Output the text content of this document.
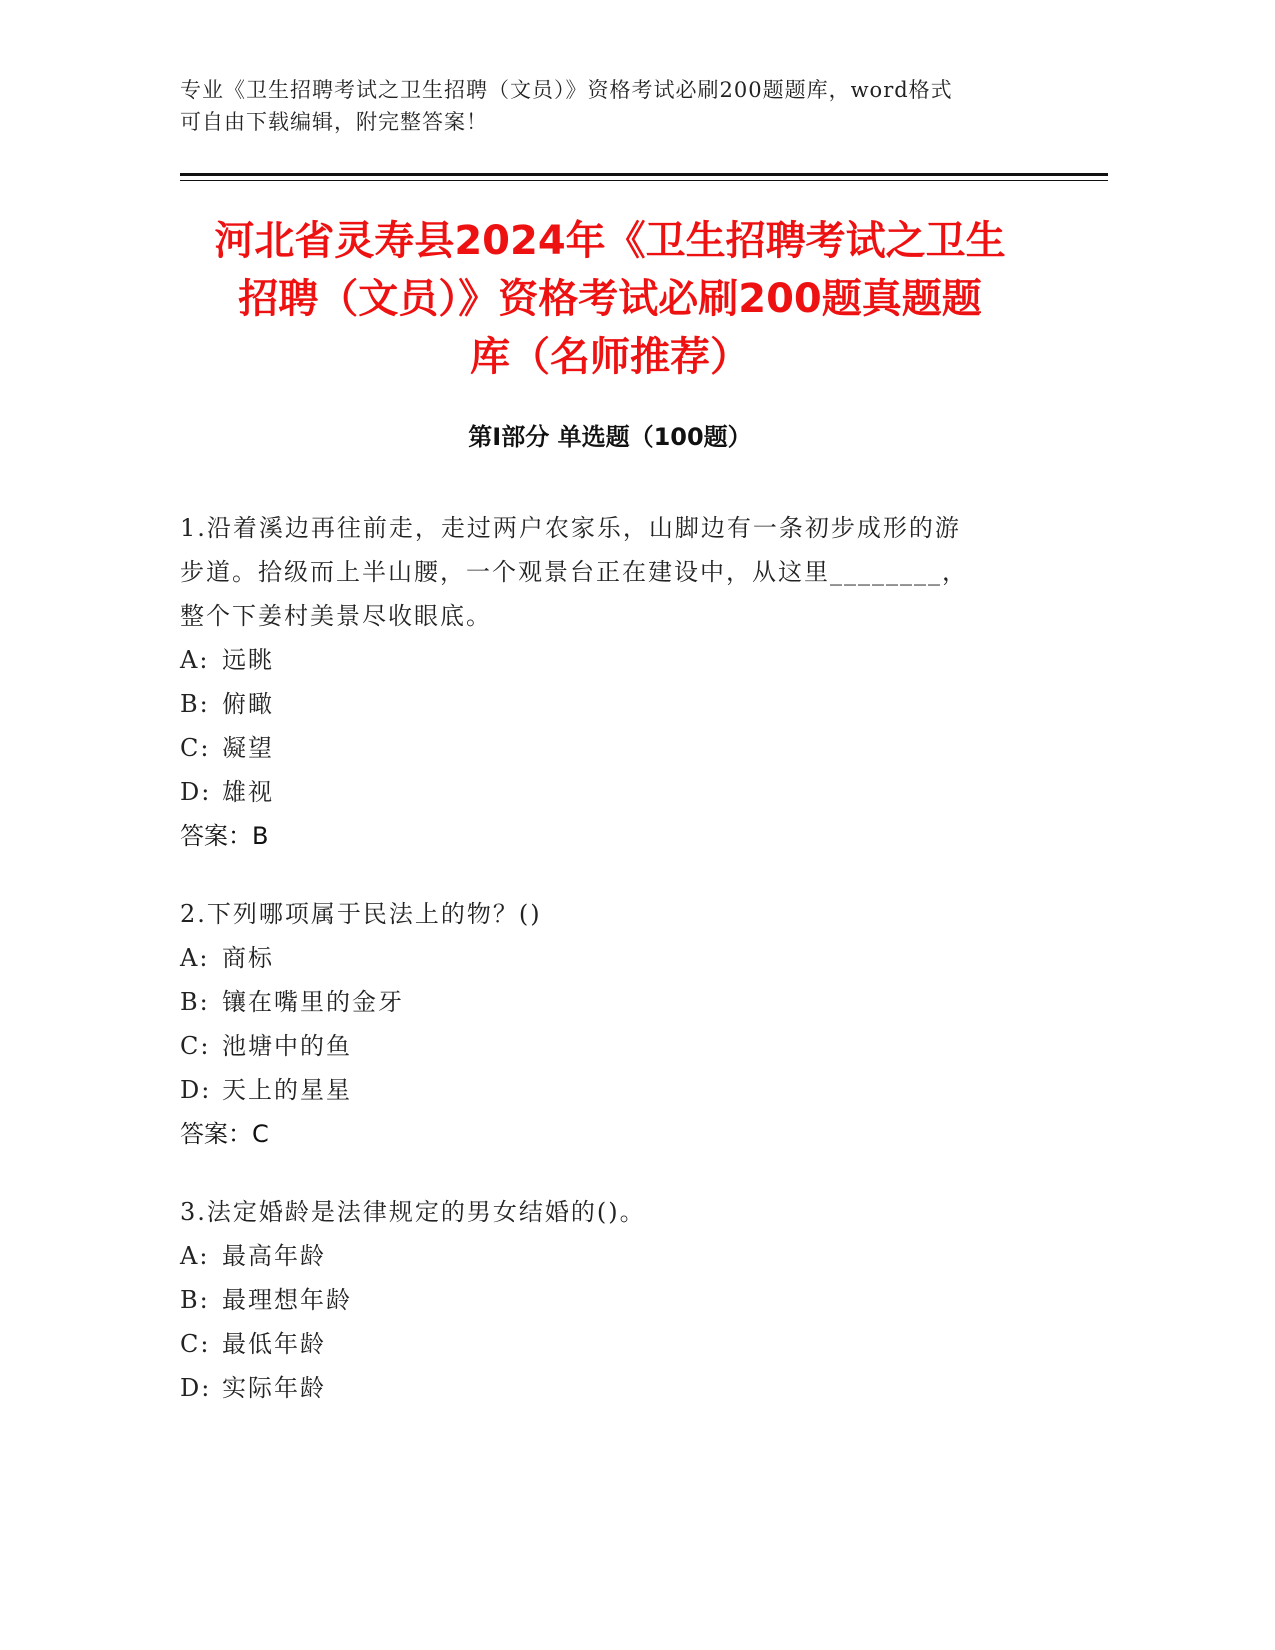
专业《卫生招聘考试之卫生招聘（文员）》资格考试必刷200题题库，word格式
可自由下载编辑，附完整答案！
河北省灵寿县2024年《卫生招聘考试之卫生
招聘（文员）》资格考试必刷200题真题题
库（名师推荐）
第Ⅰ部分 单选题（100题）
1.沿着溪边再往前走，走过两户农家乐，山脚边有一条初步成形的游
步道。拾级而上半山腰，一个观景台正在建设中，从这里________，
整个下姜村美景尽收眼底。
A: 远眺
B: 俯瞰
C: 凝望
D: 雄视
答案：B
2.下列哪项属于民法上的物？()
A: 商标
B: 镶在嘴里的金牙
C: 池塘中的鱼
D: 天上的星星
答案：C
3.法定婚龄是法律规定的男女结婚的()。
A: 最高年龄
B: 最理想年龄
C: 最低年龄
D: 实际年龄
